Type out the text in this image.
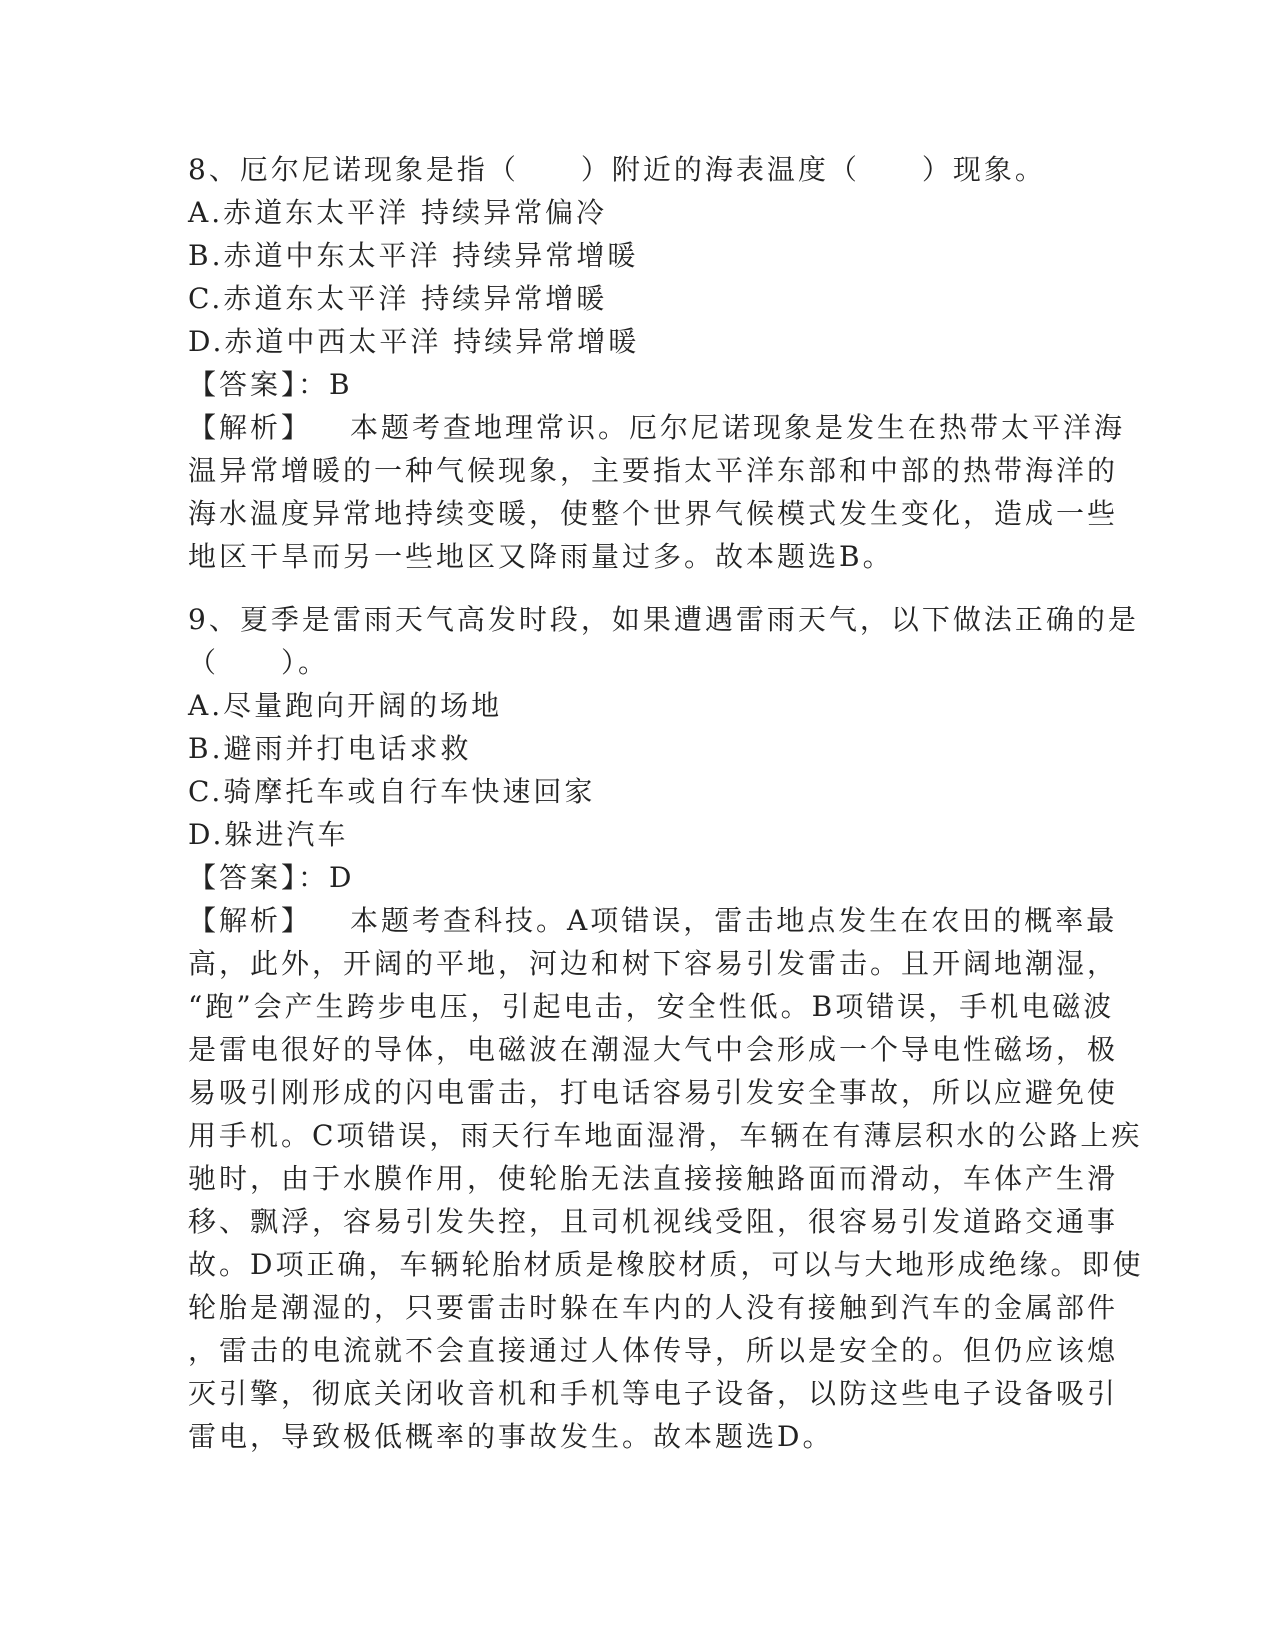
8、厄尔尼诺现象是指（　　）附近的海表温度（　　）现象。
A.赤道东太平洋 持续异常偏冷
B.赤道中东太平洋 持续异常增暖
C.赤道东太平洋 持续异常增暖
D.赤道中西太平洋 持续异常增暖
【答案】：B
【解析】 本题考查地理常识。厄尔尼诺现象是发生在热带太平洋海
温异常增暖的一种气候现象，主要指太平洋东部和中部的热带海洋的
海水温度异常地持续变暖，使整个世界气候模式发生变化，造成一些
地区干旱而另一些地区又降雨量过多。故本题选B。
9、夏季是雷雨天气高发时段，如果遭遇雷雨天气，以下做法正确的是
（　　）。
A.尽量跑向开阔的场地
B.避雨并打电话求救
C.骑摩托车或自行车快速回家
D.躲进汽车
【答案】：D
【解析】 本题考查科技。A项错误，雷击地点发生在农田的概率最
高，此外，开阔的平地，河边和树下容易引发雷击。且开阔地潮湿，
“跑”会产生跨步电压，引起电击，安全性低。B项错误，手机电磁波
是雷电很好的导体，电磁波在潮湿大气中会形成一个导电性磁场，极
易吸引刚形成的闪电雷击，打电话容易引发安全事故，所以应避免使
用手机。C项错误，雨天行车地面湿滑，车辆在有薄层积水的公路上疾
驰时，由于水膜作用，使轮胎无法直接接触路面而滑动，车体产生滑
移、飘浮，容易引发失控，且司机视线受阻，很容易引发道路交通事
故。D项正确，车辆轮胎材质是橡胶材质，可以与大地形成绝缘。即使
轮胎是潮湿的，只要雷击时躲在车内的人没有接触到汽车的金属部件
，雷击的电流就不会直接通过人体传导，所以是安全的。但仍应该熄
灭引擎，彻底关闭收音机和手机等电子设备，以防这些电子设备吸引
雷电，导致极低概率的事故发生。故本题选D。
